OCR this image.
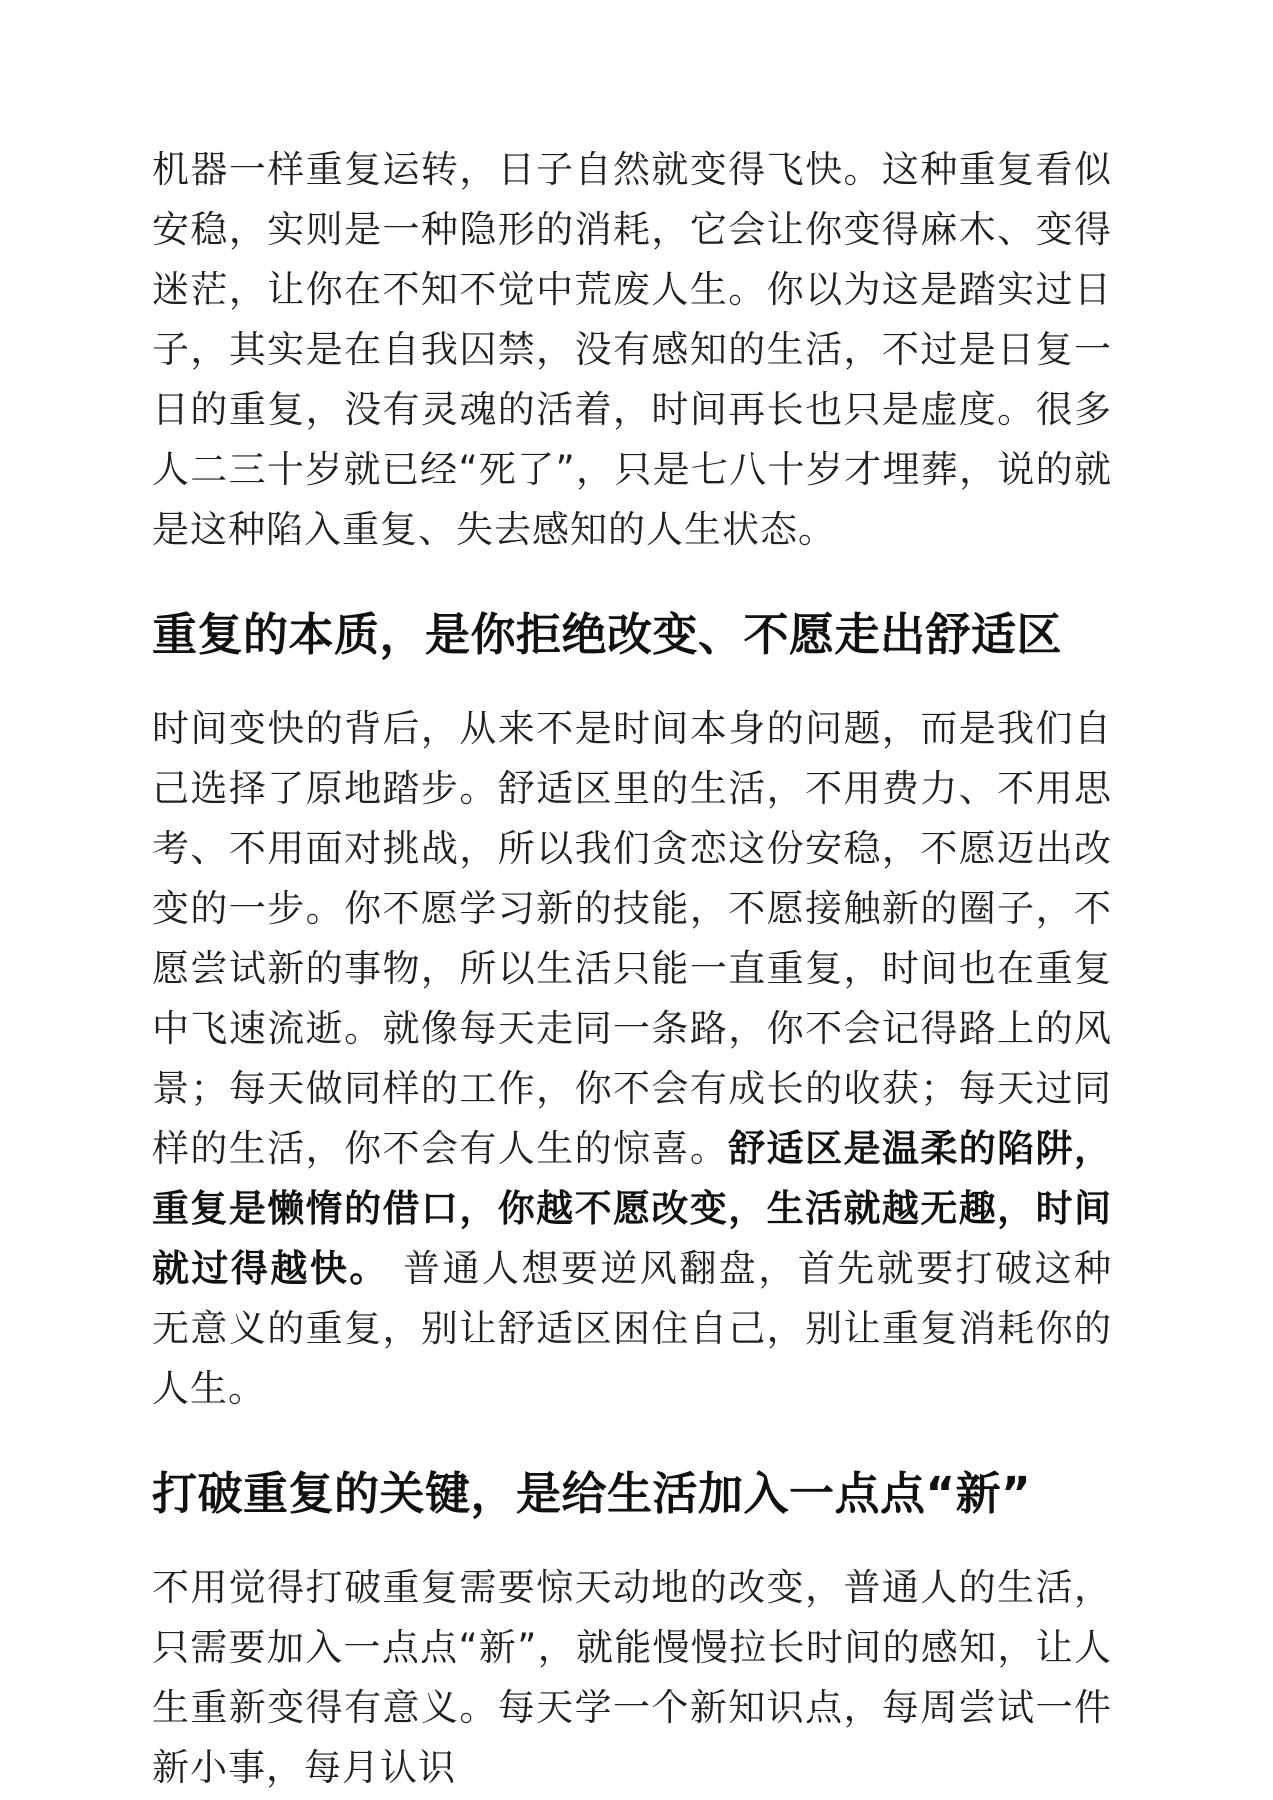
机器一样重复运转，日子自然就变得飞快。这种重复看似安稳，实则是一种隐形的消耗，它会让你变得麻木、变得迷茫，让你在不知不觉中荒废人生。你以为这是踏实过日子，其实是在自我囚禁，没有感知的生活，不过是日复一日的重复，没有灵魂的活着，时间再长也只是虚度。很多人二三十岁就已经“死了”，只是七八十岁才埋葬，说的就是这种陷入重复、失去感知的人生状态。

重复的本质，是你拒绝改变、不愿走出舒适区

时间变快的背后，从来不是时间本身的问题，而是我们自己选择了原地踏步。舒适区里的生活，不用费力、不用思考、不用面对挑战，所以我们贪恋这份安稳，不愿迈出改变的一步。你不愿学习新的技能，不愿接触新的圈子，不愿尝试新的事物，所以生活只能一直重复，时间也在重复中飞速流逝。就像每天走同一条路，你不会记得路上的风景；每天做同样的工作，你不会有成长的收获；每天过同样的生活，你不会有人生的惊喜。舒适区是温柔的陷阱，重复是懒惰的借口，你越不愿改变，生活就越无趣，时间就过得越快。 普通人想要逆风翻盘，首先就要打破这种无意义的重复，别让舒适区困住自己，别让重复消耗你的人生。

打破重复的关键，是给生活加入一点点“新”

不用觉得打破重复需要惊天动地的改变，普通人的生活，只需要加入一点点“新”，就能慢慢拉长时间的感知，让人生重新变得有意义。每天学一个新知识点，每周尝试一件新小事，每月认识
